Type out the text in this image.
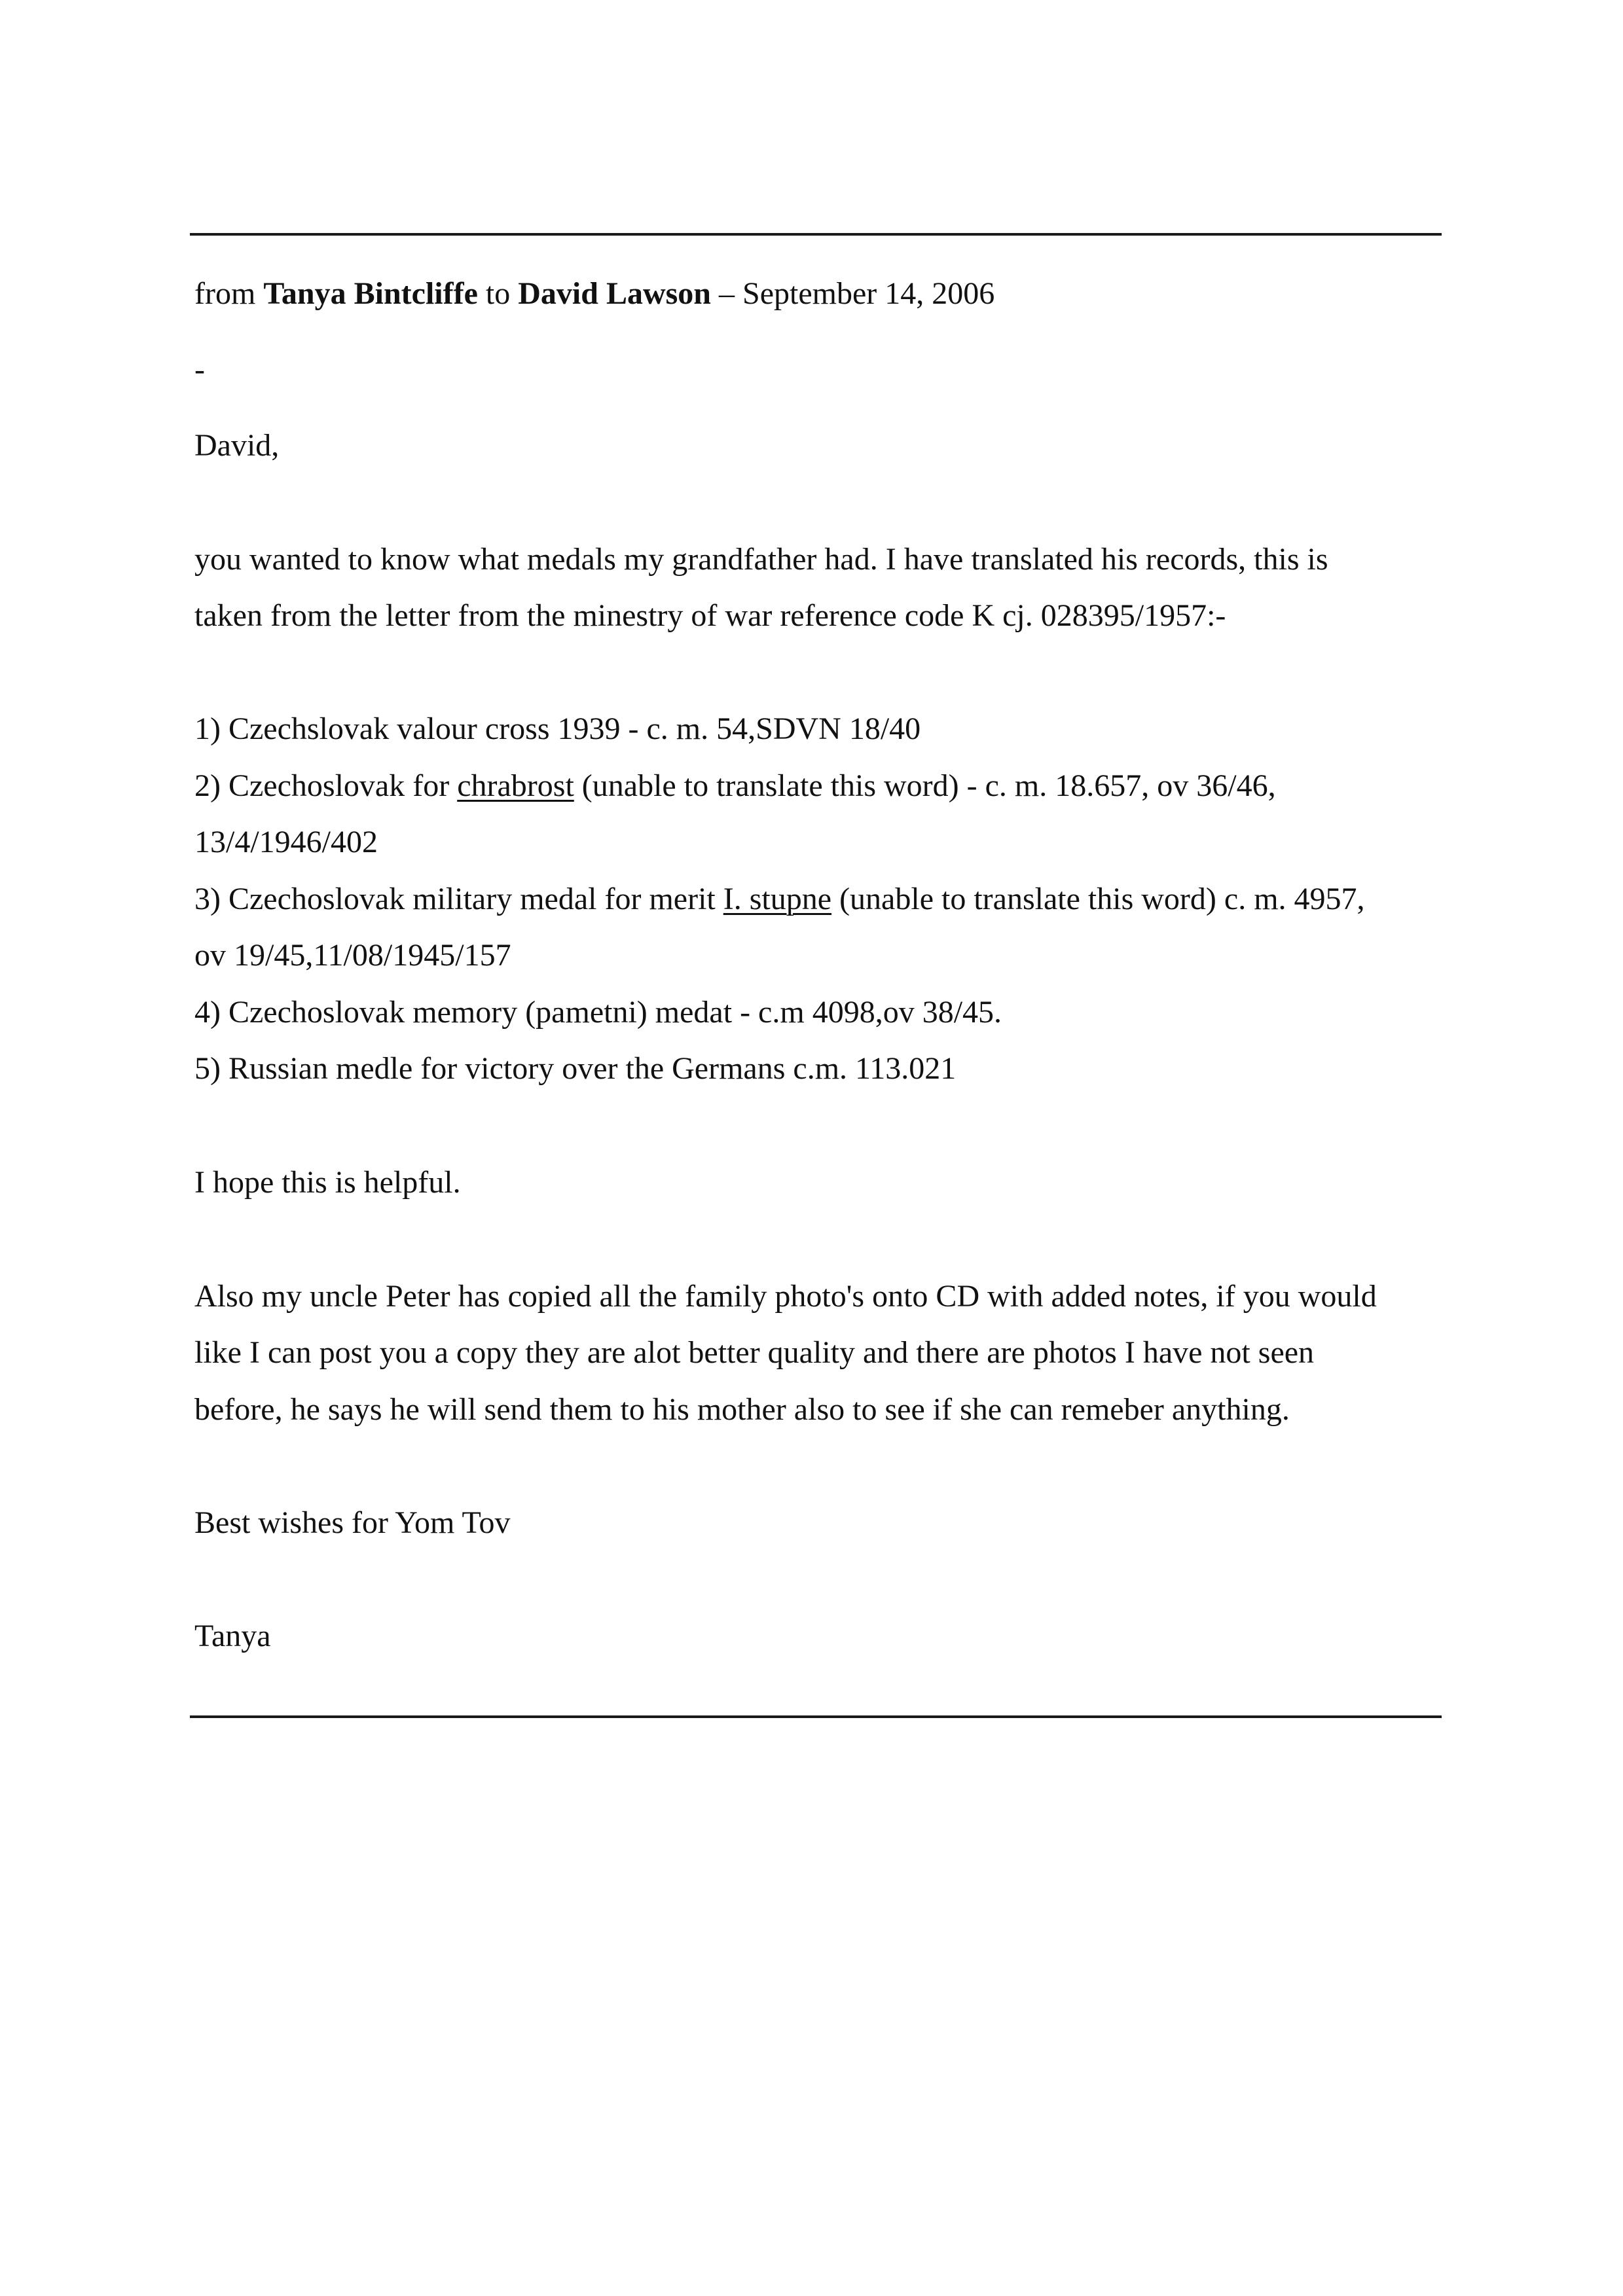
from Tanya Bintcliffe to David Lawson – September 14, 2006
-
David,
you wanted to know what medals my grandfather had. I have translated his records, this is
taken from the letter from the minestry of war reference code K cj. 028395/1957:-
1) Czechslovak valour cross 1939 - c. m. 54,SDVN 18/40
2) Czechoslovak for chrabrost (unable to translate this word) - c. m. 18.657, ov 36/46,
13/4/1946/402
3) Czechoslovak military medal for merit I. stupne (unable to translate this word) c. m. 4957,
ov 19/45,11/08/1945/157
4) Czechoslovak memory (pametni) medat - c.m 4098,ov 38/45.
5) Russian medle for victory over the Germans c.m. 113.021
I hope this is helpful.
Also my uncle Peter has copied all the family photo's onto CD with added notes, if you would
like I can post you a copy they are alot better quality and there are photos I have not seen
before, he says he will send them to his mother also to see if she can remeber anything.
Best wishes for Yom Tov
Tanya
